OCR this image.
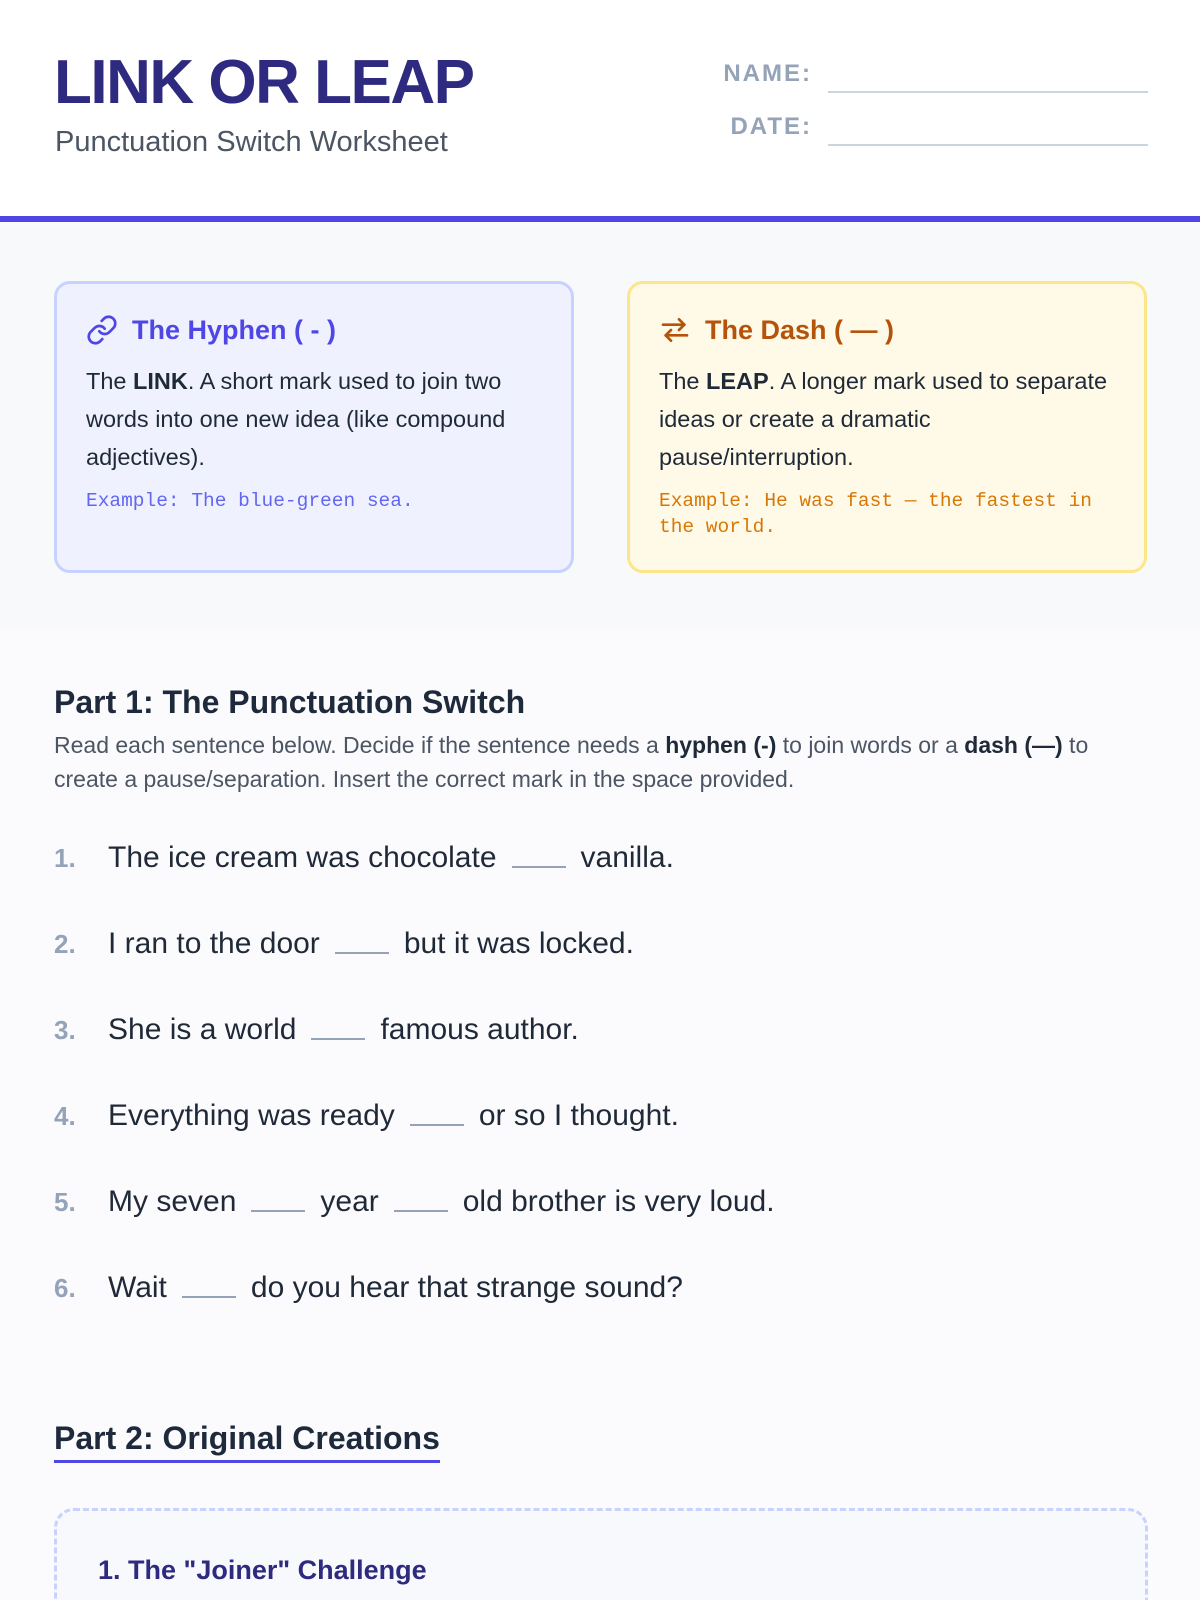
LINK OR LEAP
Punctuation Switch Worksheet
NAME:
DATE:
The Hyphen ( - )
The LINK. A short mark used to join two words into one new idea (like compound adjectives).
Example: The blue-green sea.
The Dash ( — )
The LEAP. A longer mark used to separate ideas or create a dramatic pause/interruption.
Example: He was fast — the fastest in the world.
Part 1: The Punctuation Switch
Read each sentence below. Decide if the sentence needs a hyphen (-) to join words or a dash (—) to create a pause/separation. Insert the correct mark in the space provided.
1.	The ice cream was chocolate	vanilla.
2.	I ran to the door	but it was locked.
3.	She is a world	famous author.
4.	Everything was ready	or so I thought.
5.	My seven	year	old brother is very loud.
6.	Wait	do you hear that strange sound?
Part 2: Original Creations
1. The "Joiner" Challenge
